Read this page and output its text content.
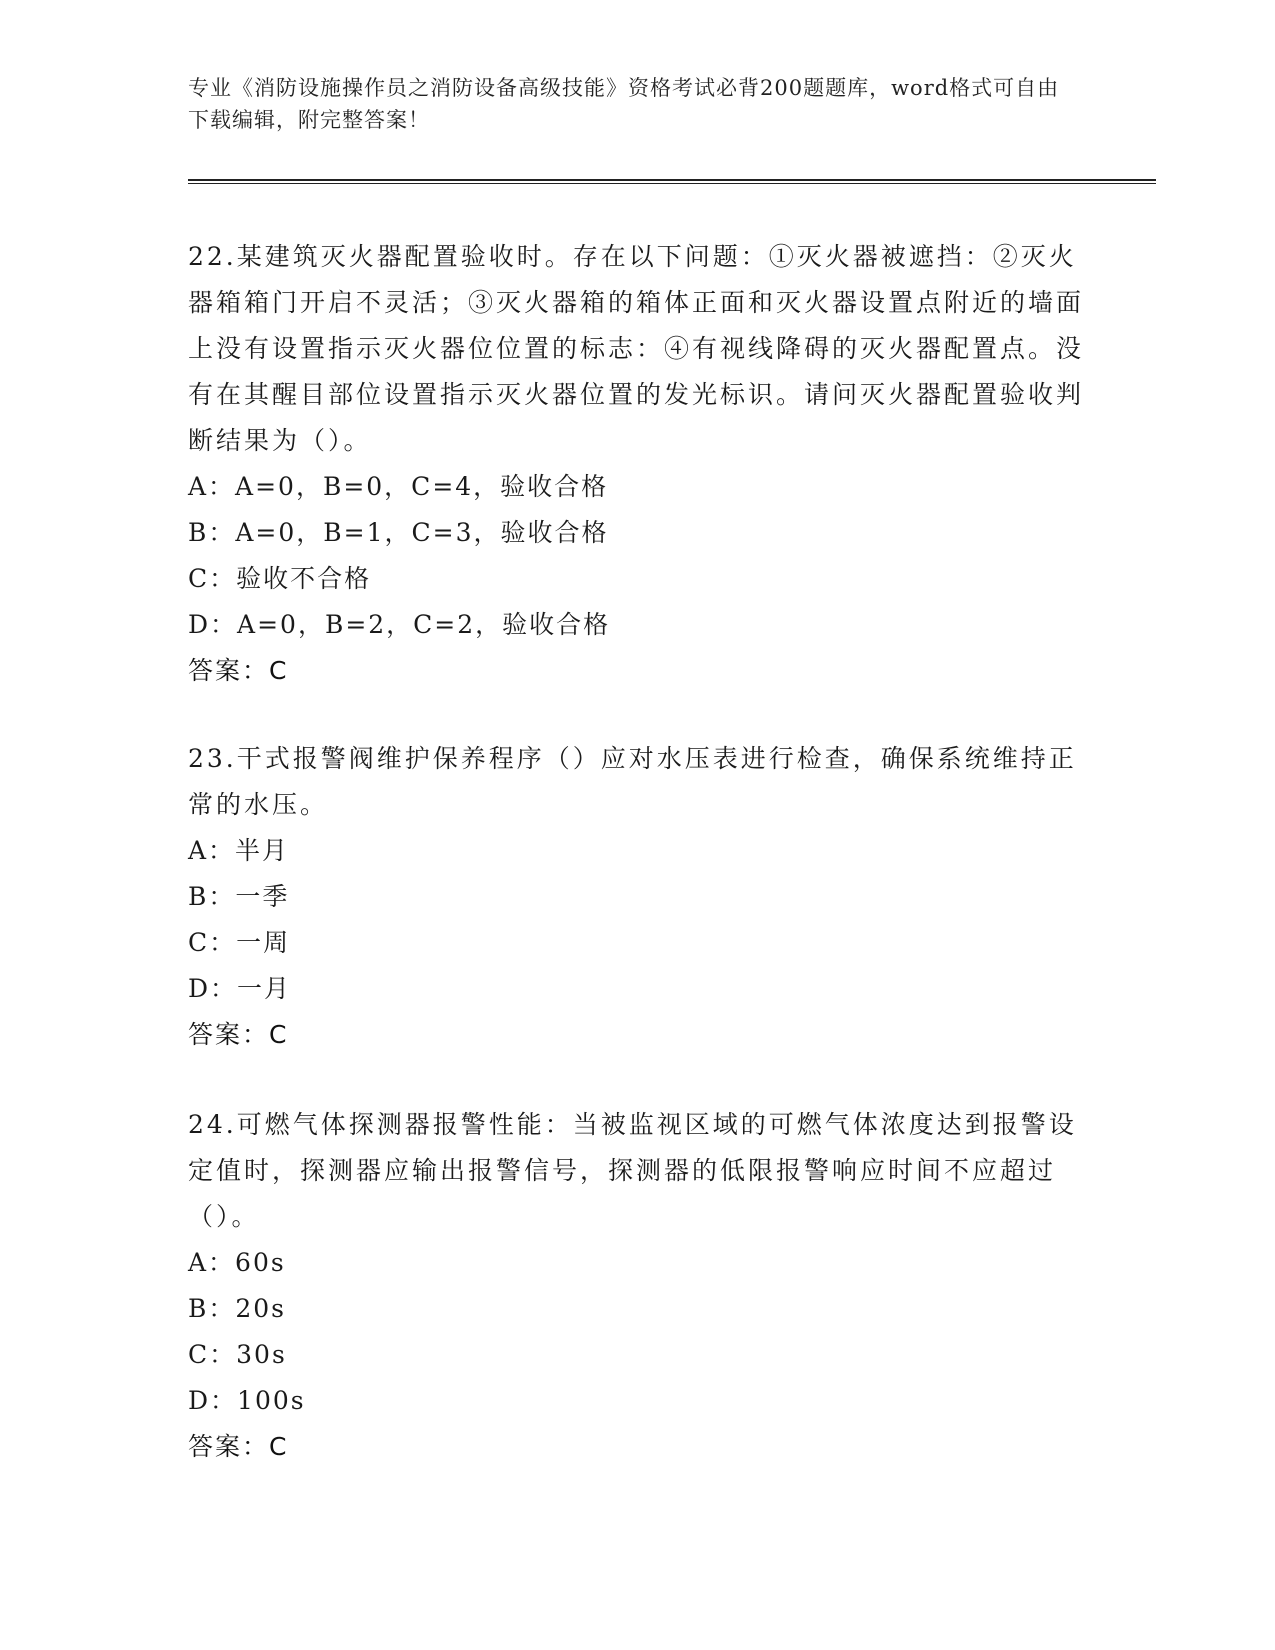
专业《消防设施操作员之消防设备高级技能》资格考试必背200题题库，word格式可自由下载编辑，附完整答案！

22.某建筑灭火器配置验收时。存在以下问题：①灭火器被遮挡：②灭火器箱箱门开启不灵活；③灭火器箱的箱体正面和灭火器设置点附近的墙面上没有设置指示灭火器位位置的标志：④有视线降碍的灭火器配置点。没有在其醒目部位设置指示灭火器位置的发光标识。请问灭火器配置验收判断结果为（）。

A：A=0，B=0，C=4，验收合格

B：A=0，B=1，C=3，验收合格

C：验收不合格

D：A=0，B=2，C=2，验收合格

答案：C

23.干式报警阀维护保养程序（）应对水压表进行检查，确保系统维持正常的水压。

A：半月

B：一季

C：一周

D：一月

答案：C

24.可燃气体探测器报警性能：当被监视区域的可燃气体浓度达到报警设定值时，探测器应输出报警信号，探测器的低限报警响应时间不应超过（）。

A：60s

B：20s

C：30s

D：100s

答案：C
